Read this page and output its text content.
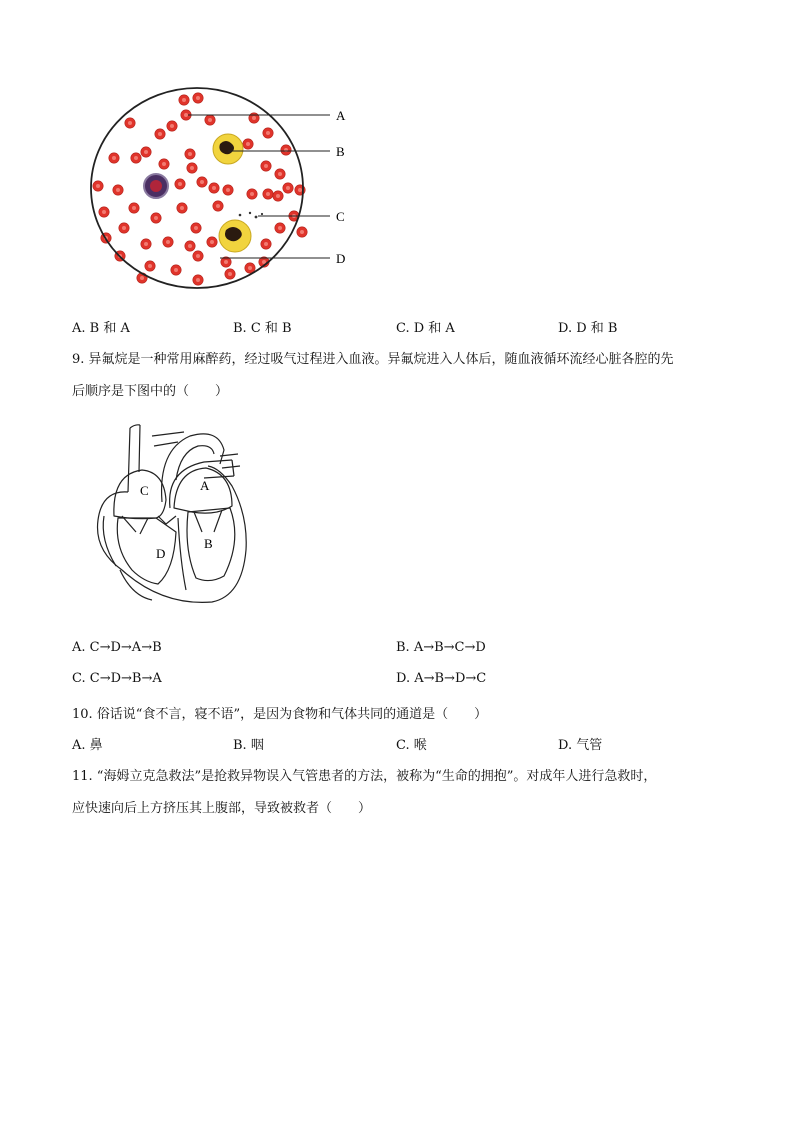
A
B
C
D
A. B 和 A	B. C 和 B	C. D 和 A	D. D 和 B
9. 异氟烷是一种常用麻醉药，经过吸气过程进入血液。异氟烷进入人体后，随血液循环流经心脏各腔的先
后顺序是下图中的（　　）
A
B
C
D
A. C→D→A→B	B. A→B→C→D
C. C→D→B→A	D. A→B→D→C
10. 俗话说“食不言，寝不语”，是因为食物和气体共同的通道是（　　）
A. 鼻	B. 咽	C. 喉	D. 气管
11. “海姆立克急救法”是抢救异物误入气管患者的方法，被称为“生命的拥抱”。对成年人进行急救时，
应快速向后上方挤压其上腹部，导致被救者（　　）
